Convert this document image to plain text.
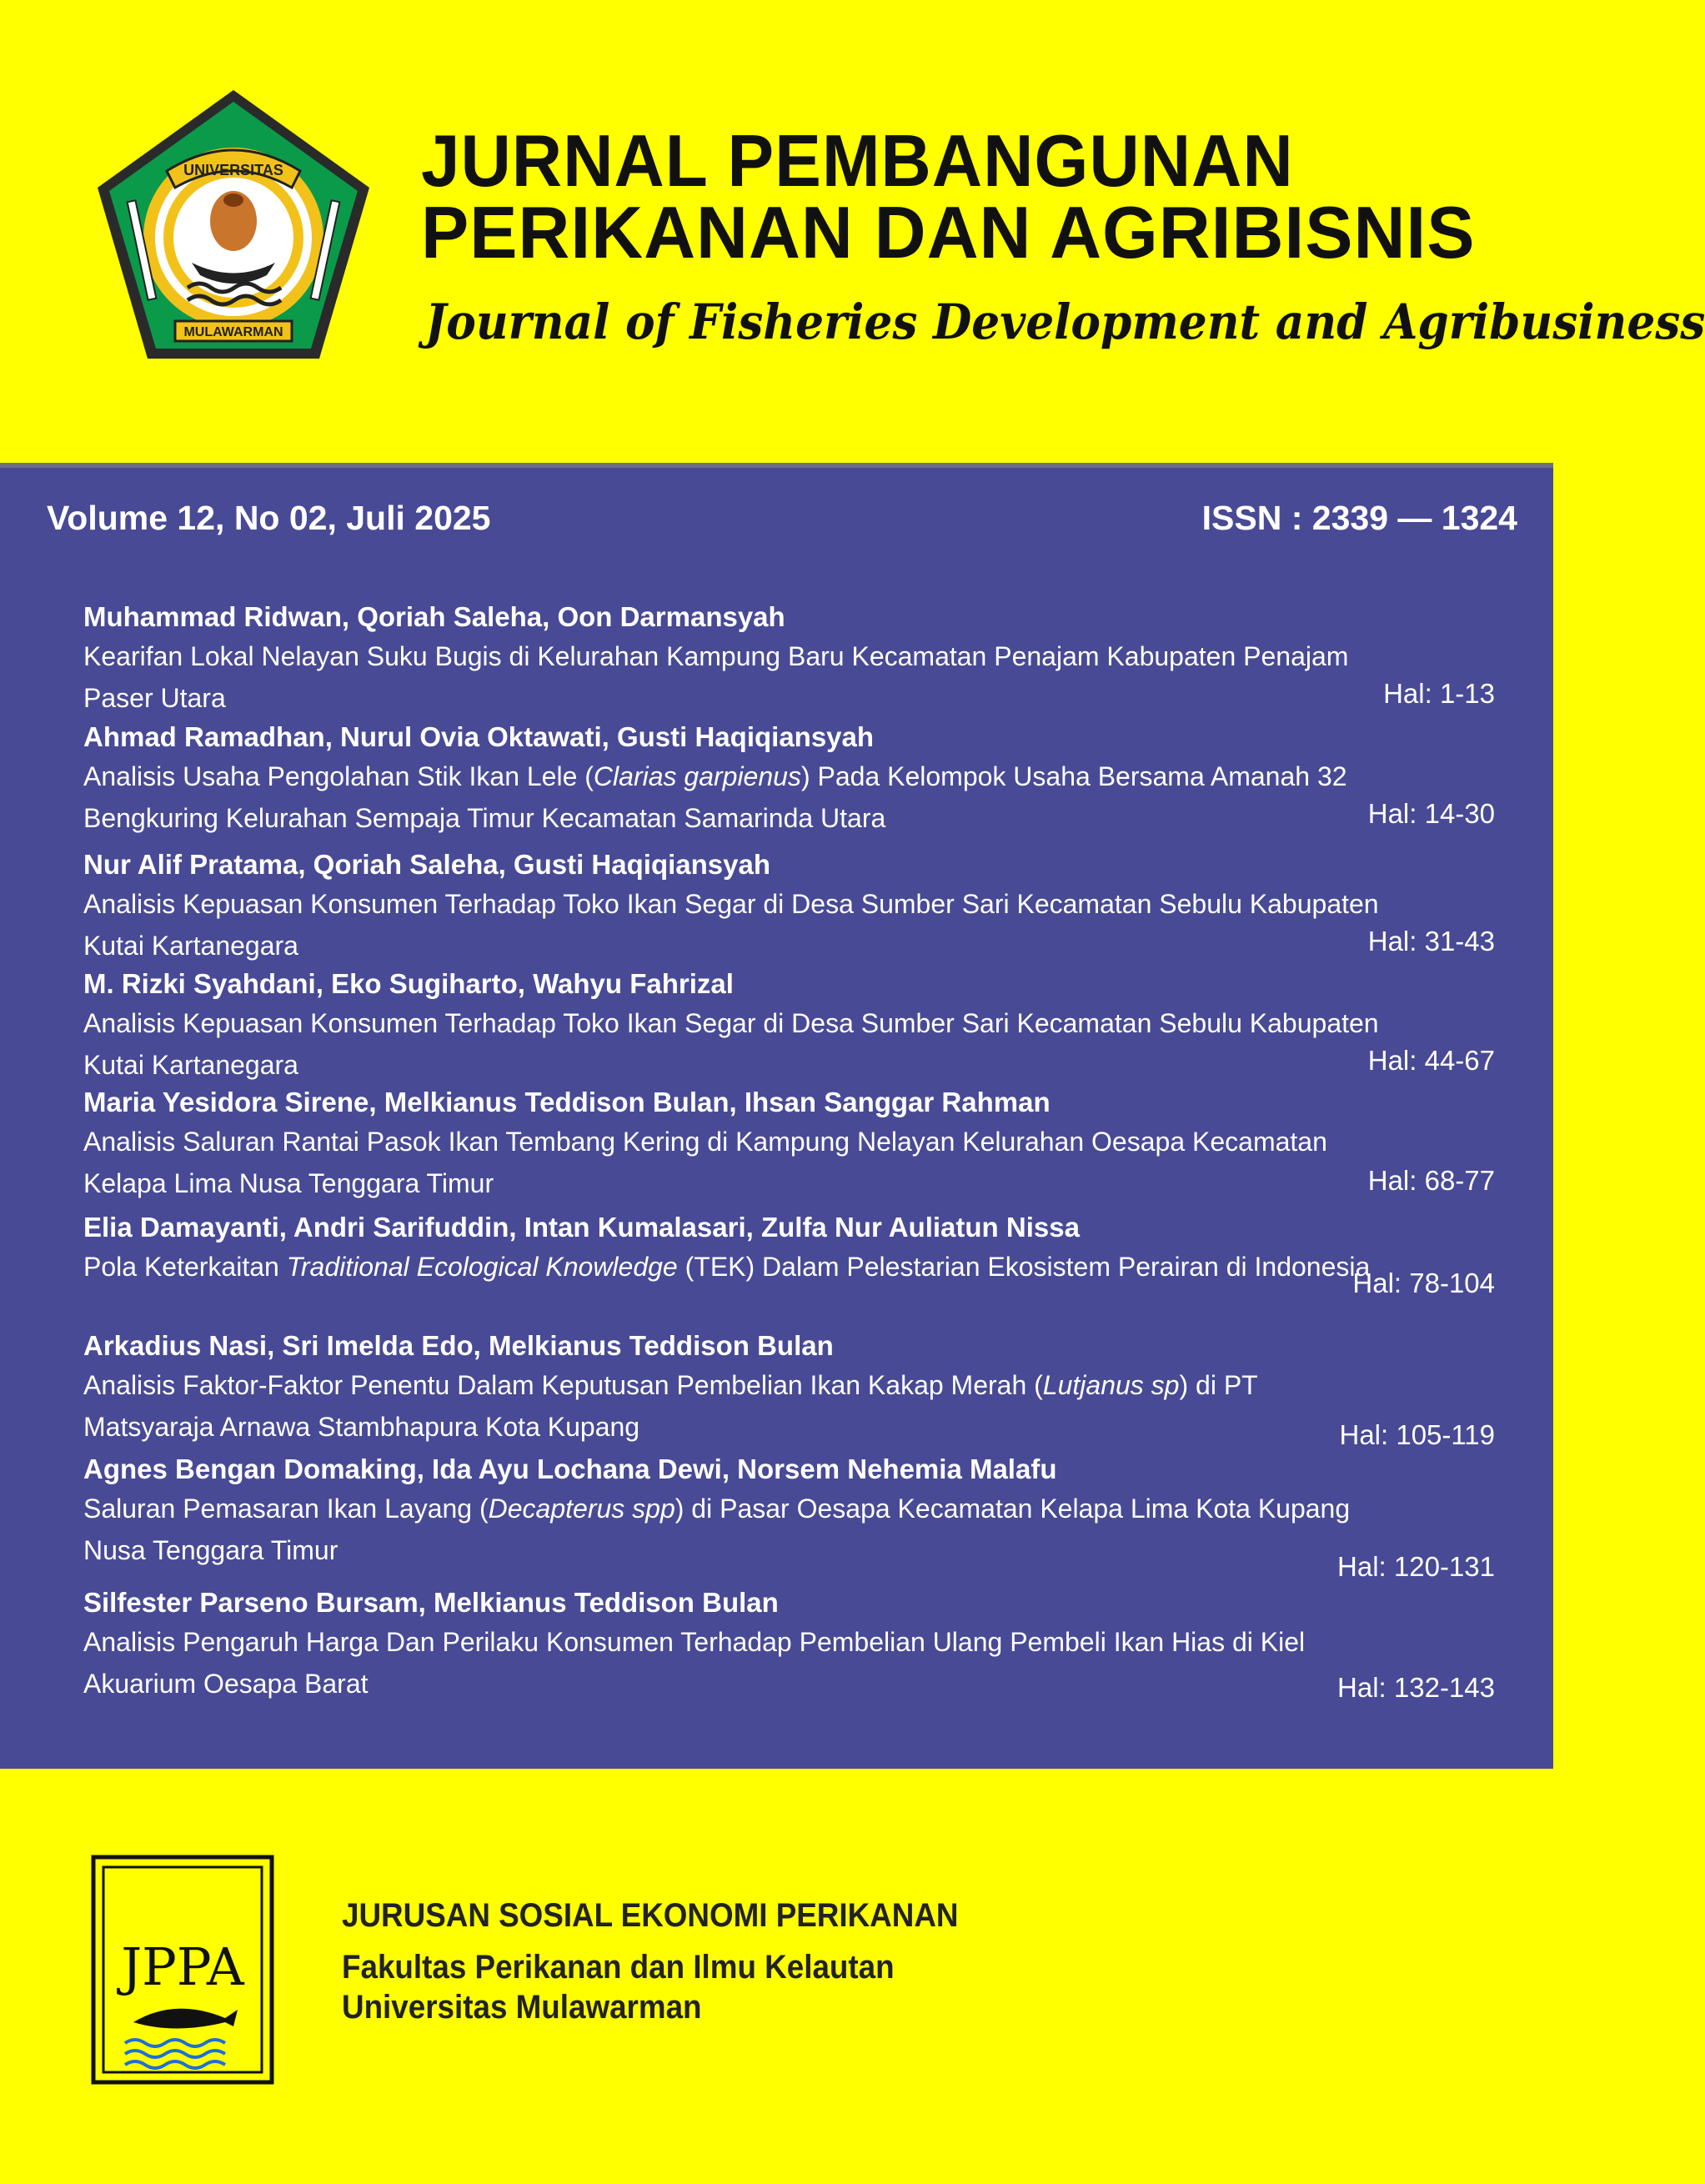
UNIVERSITAS
MULAWARMAN
JURNAL PEMBANGUNAN
PERIKANAN DAN AGRIBISNIS
Journal of Fisheries Development and Agribusiness
Volume 12, No 02, Juli 2025	ISSN : 2339 — 1324
Muhammad Ridwan, Qoriah Saleha, Oon Darmansyah
Kearifan Lokal Nelayan Suku Bugis di Kelurahan Kampung Baru Kecamatan Penajam Kabupaten Penajam Paser Utara	Hal: 1-13
Ahmad Ramadhan, Nurul Ovia Oktawati, Gusti Haqiqiansyah
Analisis Usaha Pengolahan Stik Ikan Lele (Clarias garpienus) Pada Kelompok Usaha Bersama Amanah 32 Bengkuring Kelurahan Sempaja Timur Kecamatan Samarinda Utara	Hal: 14-30
Nur Alif Pratama, Qoriah Saleha, Gusti Haqiqiansyah
Analisis Kepuasan Konsumen Terhadap Toko Ikan Segar di Desa Sumber Sari Kecamatan Sebulu Kabupaten Kutai Kartanegara	Hal: 31-43
M. Rizki Syahdani, Eko Sugiharto, Wahyu Fahrizal
Analisis Kepuasan Konsumen Terhadap Toko Ikan Segar di Desa Sumber Sari Kecamatan Sebulu Kabupaten Kutai Kartanegara	Hal: 44-67
Maria Yesidora Sirene, Melkianus Teddison Bulan, Ihsan Sanggar Rahman
Analisis Saluran Rantai Pasok Ikan Tembang Kering di Kampung Nelayan Kelurahan Oesapa Kecamatan Kelapa Lima Nusa Tenggara Timur	Hal: 68-77
Elia Damayanti, Andri Sarifuddin, Intan Kumalasari, Zulfa Nur Auliatun Nissa
Pola Keterkaitan Traditional Ecological Knowledge (TEK) Dalam Pelestarian Ekosistem Perairan di Indonesia
Hal: 78-104
Arkadius Nasi, Sri Imelda Edo, Melkianus Teddison Bulan
Analisis Faktor-Faktor Penentu Dalam Keputusan Pembelian Ikan Kakap Merah (Lutjanus sp) di PT Matsyaraja Arnawa Stambhapura Kota Kupang	Hal: 105-119
Agnes Bengan Domaking, Ida Ayu Lochana Dewi, Norsem Nehemia Malafu
Saluran Pemasaran Ikan Layang (Decapterus spp) di Pasar Oesapa Kecamatan Kelapa Lima Kota Kupang Nusa Tenggara Timur
Hal: 120-131
Silfester Parseno Bursam, Melkianus Teddison Bulan
Analisis Pengaruh Harga Dan Perilaku Konsumen Terhadap Pembelian Ulang Pembeli Ikan Hias di Kiel Akuarium Oesapa Barat	Hal: 132-143
JPPA
JURUSAN SOSIAL EKONOMI PERIKANAN
Fakultas Perikanan dan Ilmu Kelautan
Universitas Mulawarman
